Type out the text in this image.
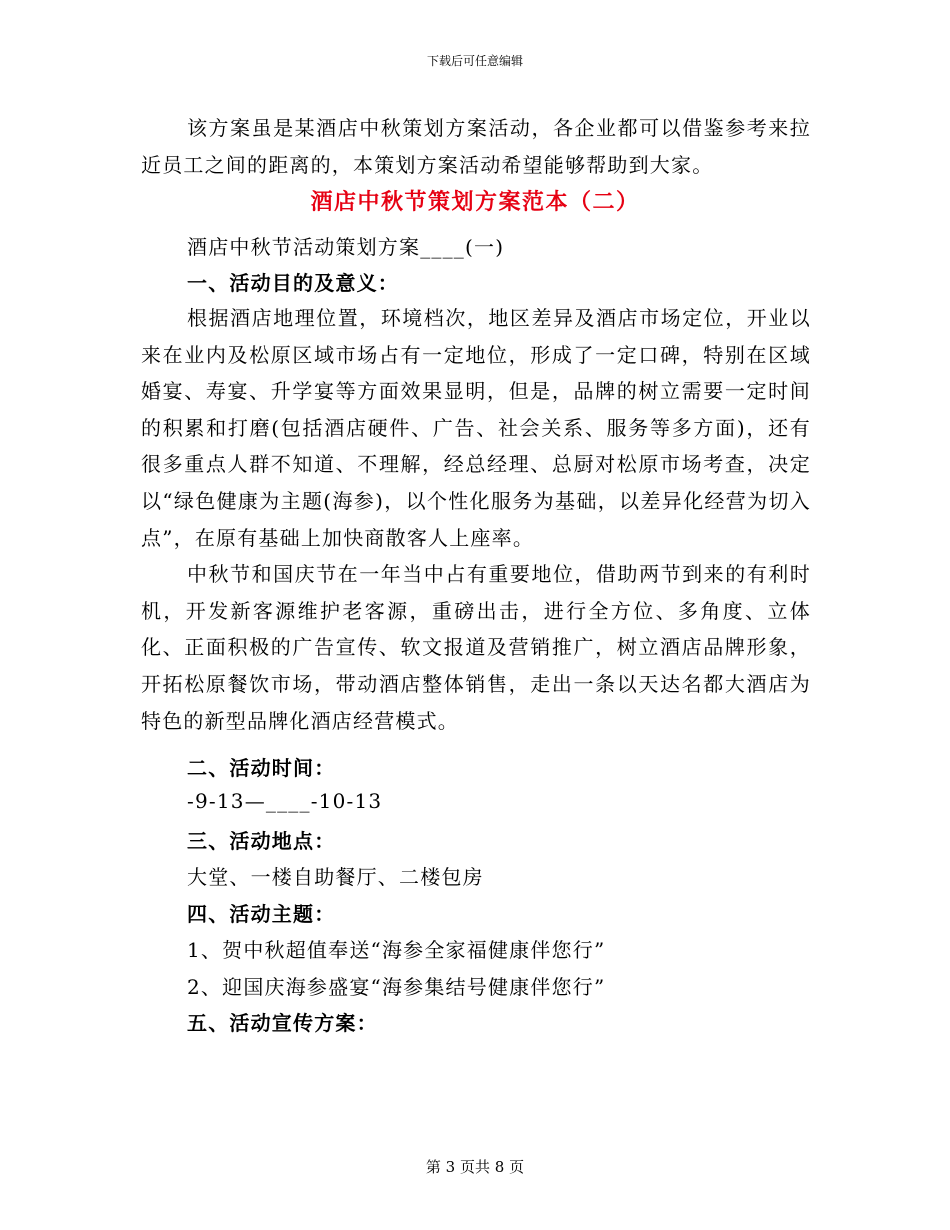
下载后可任意编辑

该方案虽是某酒店中秋策划方案活动，各企业都可以借鉴参考来拉近员工之间的距离的，本策划方案活动希望能够帮助到大家。

酒店中秋节策划方案范本（二）
酒店中秋节活动策划方案____(一)
一、活动目的及意义：

根据酒店地理位置，环境档次，地区差异及酒店市场定位，开业以来在业内及松原区域市场占有一定地位，形成了一定口碑，特别在区域婚宴、寿宴、升学宴等方面效果显明，但是，品牌的树立需要一定时间的积累和打磨(包括酒店硬件、广告、社会关系、服务等多方面)，还有很多重点人群不知道、不理解，经总经理、总厨对松原市场考查，决定以“绿色健康为主题(海参)，以个性化服务为基础，以差异化经营为切入点”，在原有基础上加快商散客人上座率。

中秋节和国庆节在一年当中占有重要地位，借助两节到来的有利时机，开发新客源维护老客源，重磅出击，进行全方位、多角度、立体化、正面积极的广告宣传、软文报道及营销推广，树立酒店品牌形象，开拓松原餐饮市场，带动酒店整体销售，走出一条以天达名都大酒店为特色的新型品牌化酒店经营模式。

二、活动时间：
-9-13—____-10-13
三、活动地点：
大堂、一楼自助餐厅、二楼包房
四、活动主题：
1、贺中秋超值奉送“海参全家福健康伴您行”
2、迎国庆海参盛宴“海参集结号健康伴您行”
五、活动宣传方案：
第 3 页共 8 页
